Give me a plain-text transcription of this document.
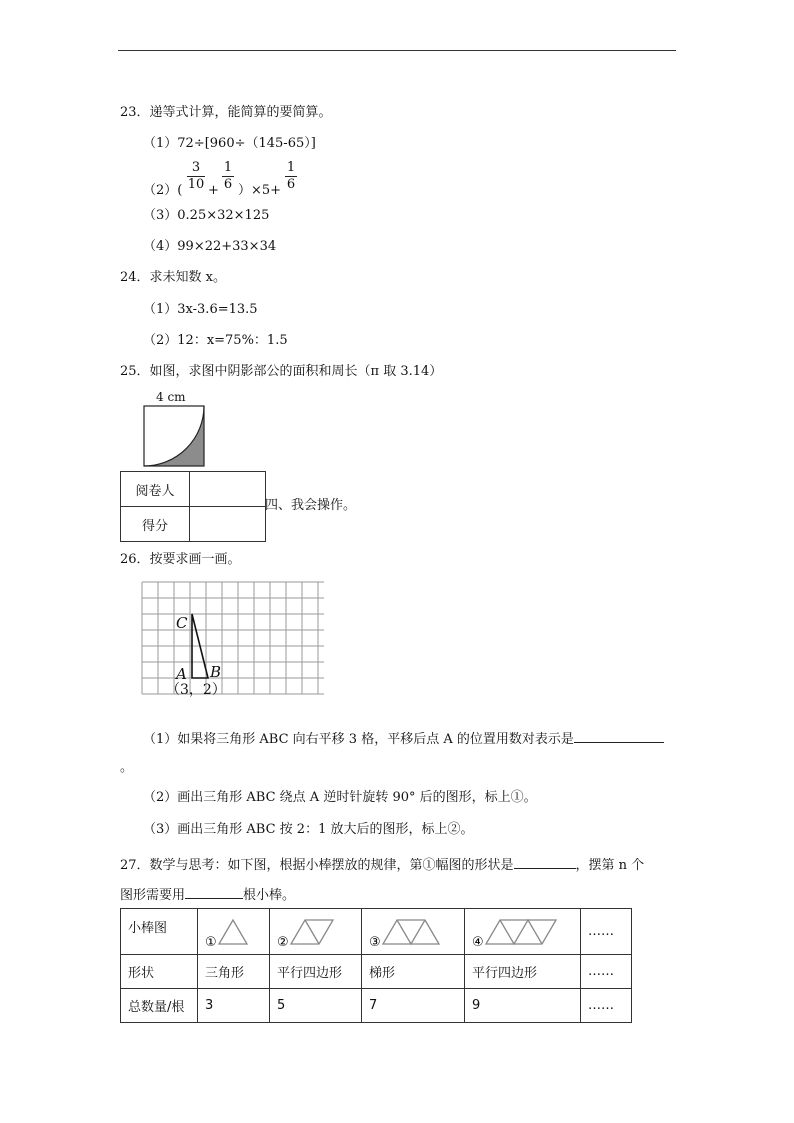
23．递等式计算，能简算的要简算。
（1）72÷[960÷（145-65）]
（2）(
3
10 +
1
6 ）×5+
1
6
（3）0.25×32×125
（4）99×22+33×34
24．求未知数 x。
（1）3x-3.6=13.5
（2）12：x=75%：1.5
25．如图，求图中阴影部公的面积和周长（π 取 3.14）
4 cm
阅卷人	
得分	
四、我会操作。
26．按要求画一画。
C
A B
（3，2）
（1）如果将三角形 ABC 向右平移 3 格，平移后点 A 的位置用数对表示是
。
（2）画出三角形 ABC 绕点 A 逆时针旋转 90° 后的图形，标上①。
（3）画出三角形 ABC 按 2：1 放大后的图形，标上②。
27．数学与思考：如下图，根据小棒摆放的规律，第①幅图的形状是	，摆第 n 个
图形需要用	根小棒。
小棒图	①	②	③	④	……
形状	三角形	平行四边形	梯形	平行四边形	……
总数量/根	3	5	7	9	……
